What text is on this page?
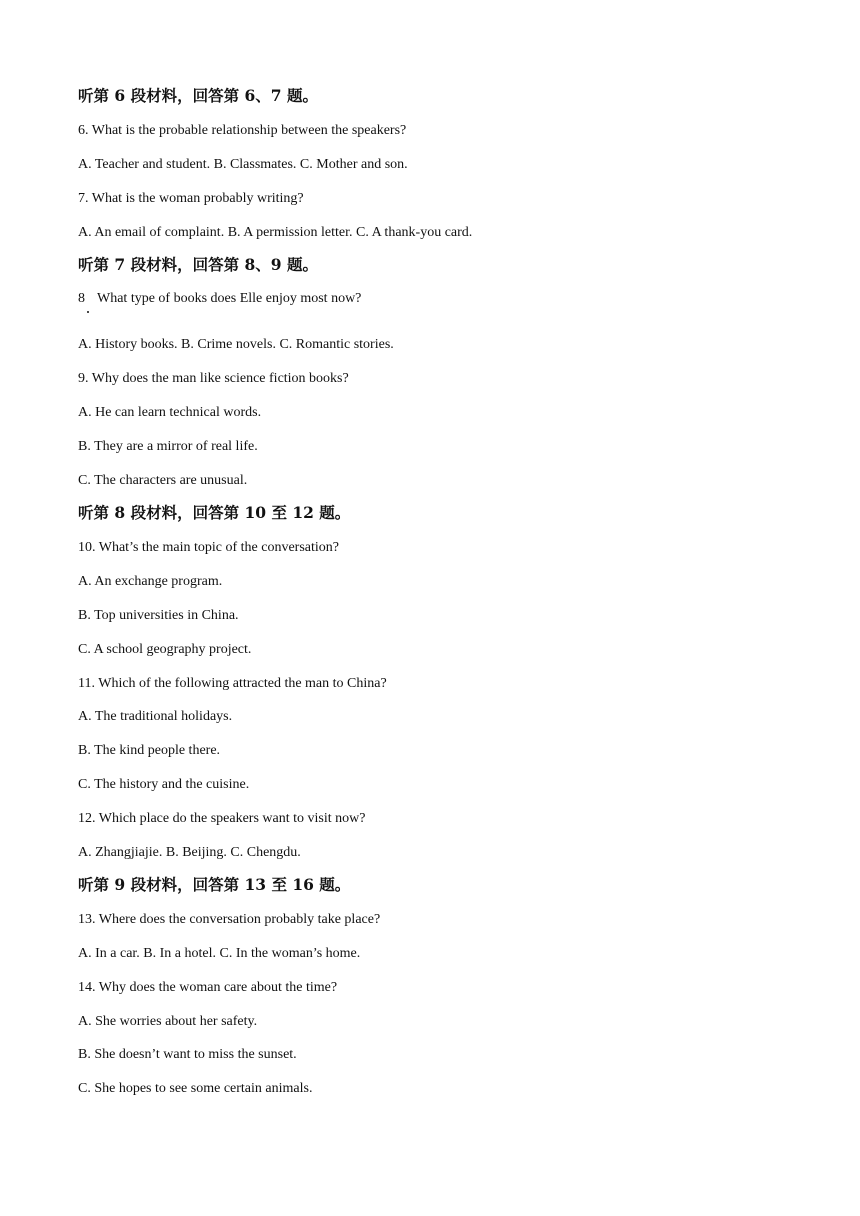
听第 6 段材料，回答第 6、7 题。
6. What is the probable relationship between the speakers?
A. Teacher and student. B. Classmates. C. Mother and son.
7. What is the woman probably writing?
A. An email of complaint. B. A permission letter. C. A thank-you card.
听第 7 段材料，回答第 8、9 题。
8 What type of books does Elle enjoy most now?
A. History books. B. Crime novels. C. Romantic stories.
9. Why does the man like science fiction books?
A. He can learn technical words.
B. They are a mirror of real life.
C. The characters are unusual.
听第 8 段材料，回答第 10 至 12 题。
10. What’s the main topic of the conversation?
A. An exchange program.
B. Top universities in China.
C. A school geography project.
11. Which of the following attracted the man to China?
A. The traditional holidays.
B. The kind people there.
C. The history and the cuisine.
12. Which place do the speakers want to visit now?
A. Zhangjiajie. B. Beijing. C. Chengdu.
听第 9 段材料，回答第 13 至 16 题。
13. Where does the conversation probably take place?
A. In a car. B. In a hotel. C. In the woman’s home.
14. Why does the woman care about the time?
A. She worries about her safety.
B. She doesn’t want to miss the sunset.
C. She hopes to see some certain animals.
